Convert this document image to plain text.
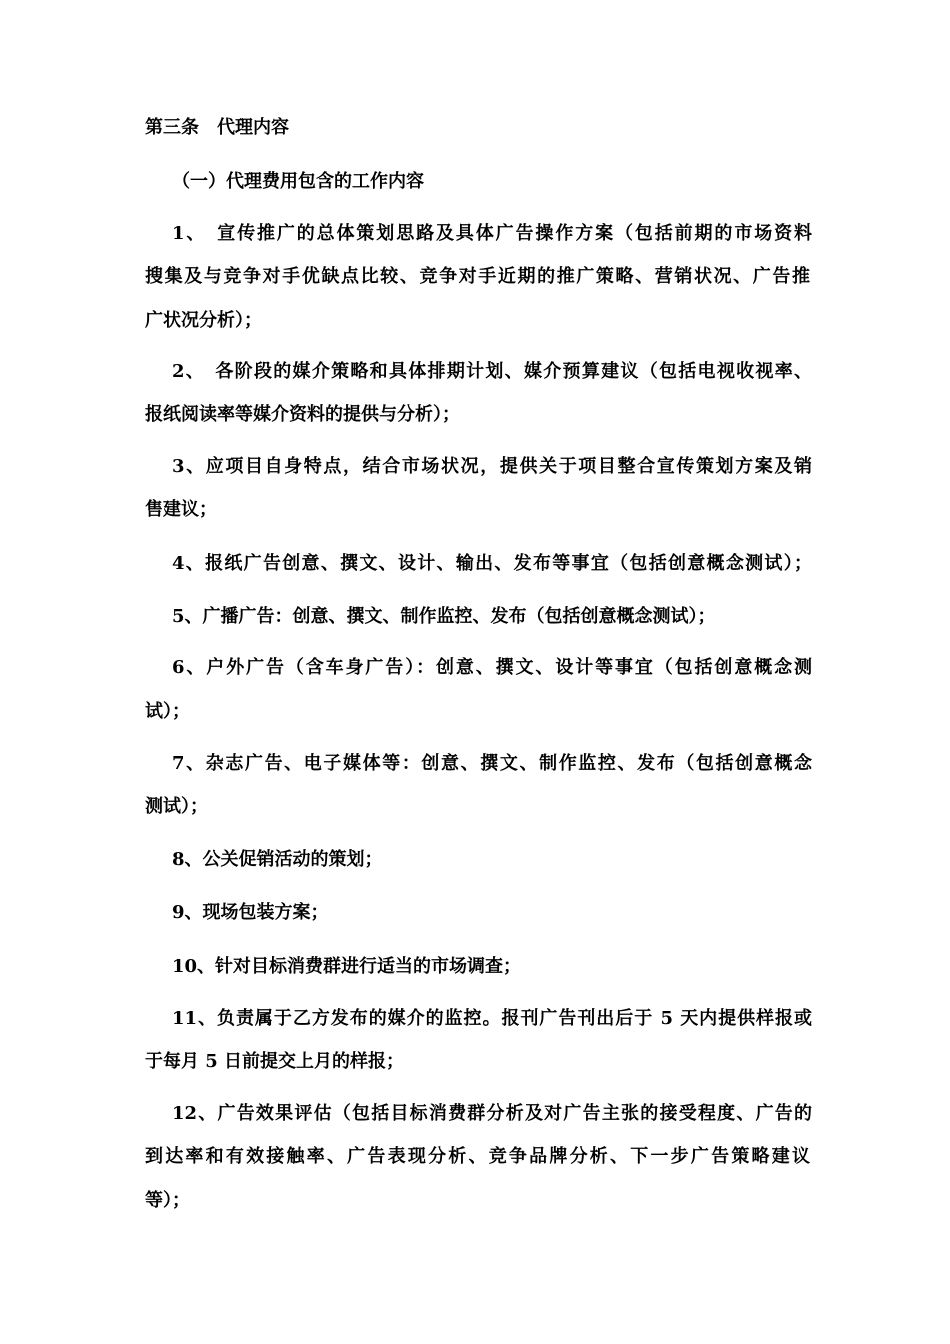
第三条　代理内容
（一）代理费用包含的工作内容
1、　宣传推广的总体策划思路及具体广告操作方案（包括前期的市场资料
搜集及与竞争对手优缺点比较、竞争对手近期的推广策略、营销状况、广告推
广状况分析）；
2、　各阶段的媒介策略和具体排期计划、媒介预算建议（包括电视收视率、
报纸阅读率等媒介资料的提供与分析）；
3、应项目自身特点，结合市场状况，提供关于项目整合宣传策划方案及销
售建议；
4、报纸广告创意、撰文、设计、输出、发布等事宜（包括创意概念测试）；
5、广播广告：创意、撰文、制作监控、发布（包括创意概念测试）；
6、户外广告（含车身广告）：创意、撰文、设计等事宜（包括创意概念测
试）；
7、杂志广告、电子媒体等：创意、撰文、制作监控、发布（包括创意概念
测试）；
8、公关促销活动的策划；
9、现场包装方案；
10、针对目标消费群进行适当的市场调查；
11、负责属于乙方发布的媒介的监控。报刊广告刊出后于 5 天内提供样报或
于每月 5 日前提交上月的样报；
12、广告效果评估（包括目标消费群分析及对广告主张的接受程度、广告的
到达率和有效接触率、广告表现分析、竞争品牌分析、下一步广告策略建议
等）；
